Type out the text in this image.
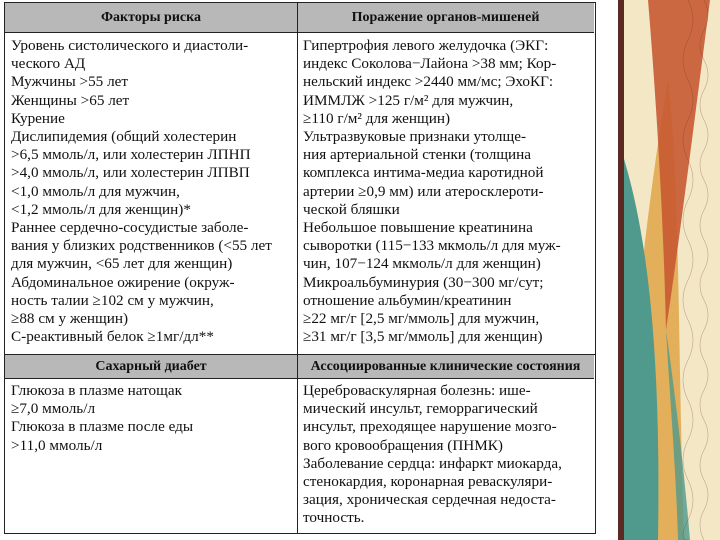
Факторы риска	Поражение органов-мишеней
Уровень систолического и диастоли-
ческого АД
Мужчины >55 лет
Женщины >65 лет
Курение
Дислипидемия (общий холестерин
>6,5 ммоль/л, или холестерин ЛПНП
>4,0 ммоль/л, или холестерин ЛПВП
<1,0 ммоль/л для мужчин,
<1,2 ммоль/л для женщин)*
Раннее сердечно-сосудистые заболе-
вания у близких родственников (<55 лет
для мужчин, <65 лет для женщин)
Абдоминальное ожирение (окруж-
ность талии ≥102 см у мужчин,
≥88 см у женщин)
С-реактивный белок ≥1мг/дл**
Гипертрофия левого желудочка (ЭКГ:
индекс Соколова−Лайона >38 мм; Кор-
нельский индекс >2440 мм/мс; ЭхоКГ:
ИММЛЖ >125 г/м² для мужчин,
≥110 г/м² для женщин)
Ультразвуковые признаки утолще-
ния артериальной стенки (толщина
комплекса интима-медиа каротидной
артерии ≥0,9 мм) или атеросклероти-
ческой бляшки
Небольшое повышение креатинина
сыворотки (115−133 мкмоль/л для муж-
чин, 107−124 мкмоль/л для женщин)
Микроальбуминурия (30−300 мг/сут;
отношение альбумин/креатинин
≥22 мг/г [2,5 мг/ммоль] для мужчин,
≥31 мг/г [3,5 мг/ммоль] для женщин)
Сахарный диабет	Ассоциированные клинические состояния
Глюкоза в плазме натощак
≥7,0 ммоль/л
Глюкоза в плазме после еды
>11,0 ммоль/л
Цереброваскулярная болезнь: ише-
мический инсульт, геморрагический
инсульт, преходящее нарушение мозго-
вого кровообращения (ПНМК)
Заболевание сердца: инфаркт миокарда,
стенокардия, коронарная реваскуляри-
зация, хроническая сердечная недоста-
точность.
